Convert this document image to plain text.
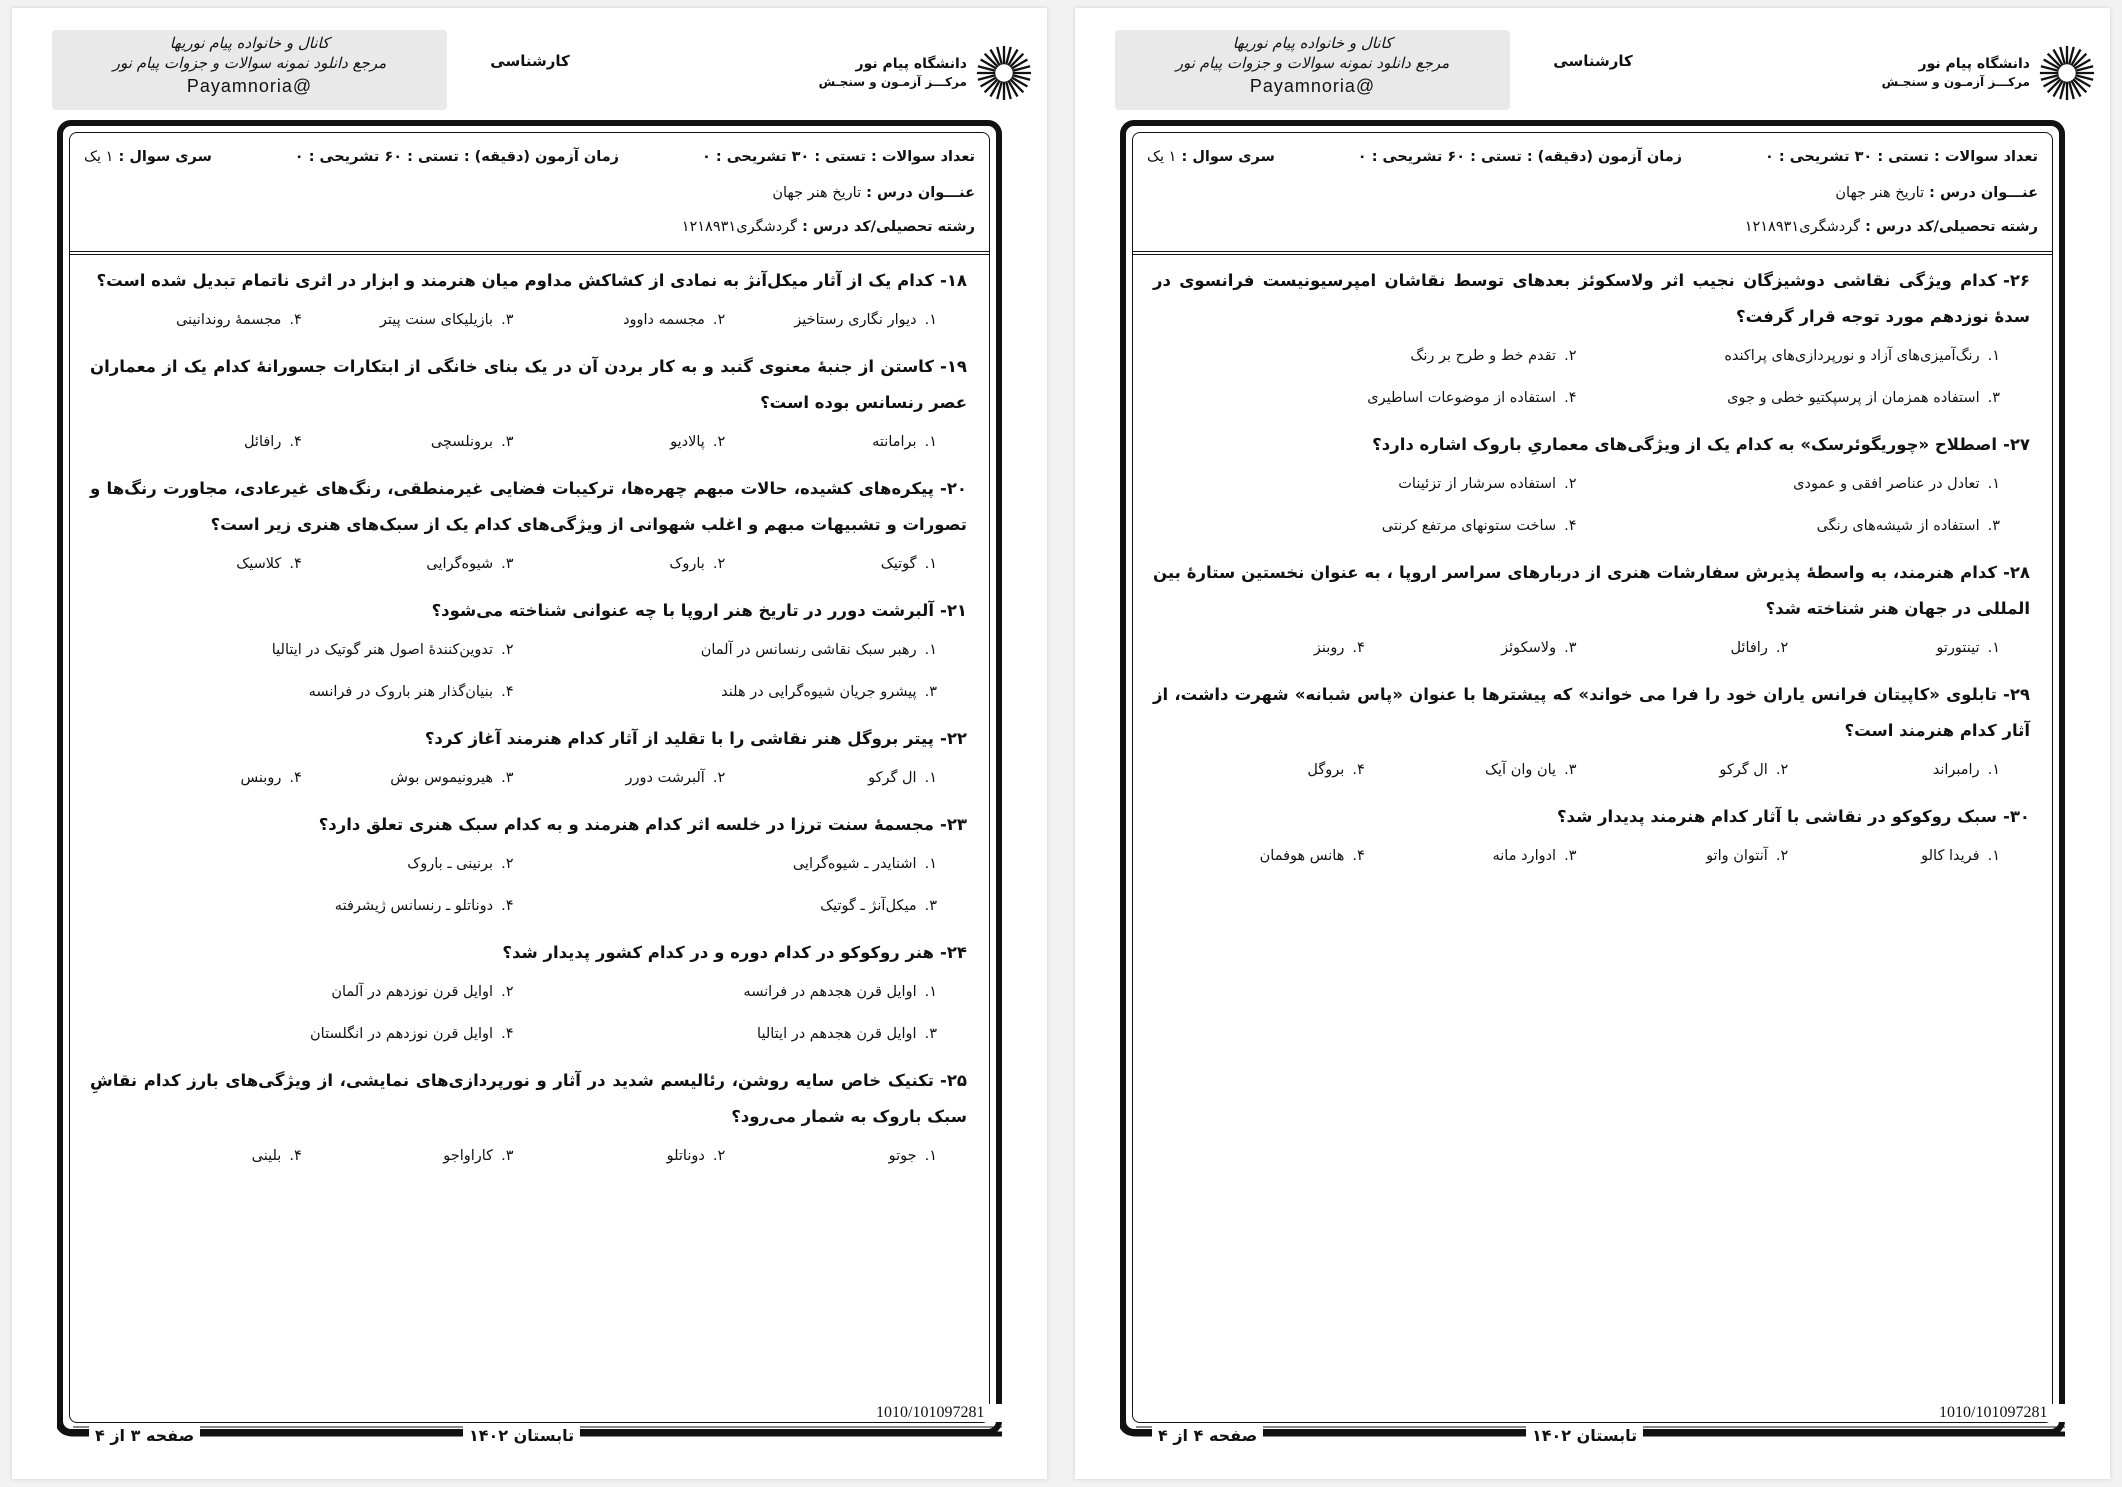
کانال و خانواده پیام نوریها
مرجع دانلود نمونه سوالات و جزوات پیام نور
@Payamnoria
کارشناسی	دانشگاه پیام نور
مرکـــز آزمـون و سنجـش
تعداد سوالات : تستی : ۳۰ تشریحی : ۰
زمان آزمون (دقیقه) : تستی : ۶۰ تشریحی : ۰
سری سوال : ۱ یک
عنـــوان درس : تاریخ هنر جهان
رشته تحصیلی/کد درس : گردشگری۱۲۱۸۹۳۱
۱۸-کدام یک از آثار میکل‌آنژ به نمادی از کشاکش مداوم میان هنرمند و ابزار در اثری ناتمام تبدیل شده است؟
۱.دیوار نگاری رستاخیز
۲.مجسمه داوود
۳.بازیلیکای سنت پیتر
۴.مجسمهٔ روندانینی
۱۹-کاستن از جنبهٔ معنوی گنبد و به کار بردن آن در یک بنای خانگی از ابتکارات جسورانهٔ کدام یک از معماران عصر رنسانس بوده است؟
۱.برامانته
۲.پالادیو
۳.برونلسچی
۴.رافائل
۲۰-پیکره‌های کشیده، حالات مبهم چهره‌ها، ترکیبات فضایی غیرمنطقی، رنگ‌های غیرعادی، مجاورت رنگ‌ها و تصورات و تشبیهات مبهم و اغلب شهوانی از ویژگی‌های کدام یک از سبک‌های هنری زیر است؟
۱.گوتیک
۲.باروک
۳.شیوه‌گرایی
۴.کلاسیک
۲۱-آلبرشت دورر در تاریخ هنر اروپا با چه عنوانی شناخته می‌شود؟
۱.رهبر سبک نقاشی رنسانس در آلمان
۲.تدوین‌کنندهٔ اصول هنر گوتیک در ایتالیا
۳.پیشرو جریان شیوه‌گرایی در هلند
۴.بنیان‌گذار هنر باروک در فرانسه
۲۲-پیتر بروگل هنر نقاشی را با تقلید از آثار کدام هنرمند آغاز کرد؟
۱.ال گرکو
۲.آلبرشت دورر
۳.هیرونیموس بوش
۴.روبنس
۲۳-مجسمهٔ سنت ترزا در خلسه اثر کدام هنرمند و به کدام سبک هنری تعلق دارد؟
۱.اشنایدر ـ شیوه‌گرایی
۲.برنینی ـ باروک
۳.میکل‌آنژ ـ گوتیک
۴.دوناتلو ـ رنسانس ژیشرفته
۲۴-هنر روکوکو در کدام دوره و در کدام کشور پدیدار شد؟
۱.اوایل قرن هجدهم در فرانسه
۲.اوایل قرن نوزدهم در آلمان
۳.اوایل قرن هجدهم در ایتالیا
۴.اوایل قرن نوزدهم در انگلستان
۲۵-تکنیک خاص سایه روشن، رئالیسم شدید در آثار و نورپردازی‌های نمایشی، از ویژگی‌های بارز کدام نقاشِ سبک باروک به شمار می‌رود؟
۱.جوتو
۲.دوناتلو
۳.کاراواجو
۴.بلینی
1010/101097281
تابستان ۱۴۰۲
صفحه ۳ از ۴
کانال و خانواده پیام نوریها
مرجع دانلود نمونه سوالات و جزوات پیام نور
@Payamnoria
کارشناسی	دانشگاه پیام نور
مرکـــز آزمـون و سنجـش
تعداد سوالات : تستی : ۳۰ تشریحی : ۰
زمان آزمون (دقیقه) : تستی : ۶۰ تشریحی : ۰
سری سوال : ۱ یک
عنـــوان درس : تاریخ هنر جهان
رشته تحصیلی/کد درس : گردشگری۱۲۱۸۹۳۱
۲۶-کدام ویژگی نقاشی دوشیزگان نجیب اثر ولاسکوئز بعدهای توسط نقاشان امپرسیونیست فرانسوی در سدهٔ نوزدهم مورد توجه قرار گرفت؟
۱.رنگ‌آمیزی‌های آزاد و نورپردازی‌های پراکنده
۲.تقدم خط و طرح بر رنگ
۳.استفاده همزمان از پرسپکتیو خطی و جوی
۴.استفاده از موضوعات اساطیری
۲۷-اصطلاح «چوریگوئرسک» به کدام یک از ویژگی‌های معماریِ باروک اشاره دارد؟
۱.تعادل در عناصر افقی و عمودی
۲.استفاده سرشار از تزئینات
۳.استفاده از شیشه‌های رنگی
۴.ساخت ستونهای مرتفع کرنتی
۲۸-کدام هنرمند، به واسطهٔ پذیرش سفارشات هنری از دربارهای سراسر اروپا ، به عنوان نخستین ستارهٔ بین المللی در جهان هنر شناخته شد؟
۱.تینتورتو
۲.رافائل
۳.ولاسکوئز
۴.روبنز
۲۹-تابلوی «کاپیتان فرانس یاران خود را فرا می خواند» که پیشترها با عنوان «پاس شبانه» شهرت داشت، از آثار کدام هنرمند است؟
۱.رامبراند
۲.ال گرکو
۳.یان وان آیک
۴.بروگل
۳۰-سبک روکوکو در نقاشی با آثار کدام هنرمند پدیدار شد؟
۱.فریدا کالو
۲.آنتوان واتو
۳.ادوارد مانه
۴.هانس هوفمان
1010/101097281
تابستان ۱۴۰۲
صفحه ۴ از ۴
